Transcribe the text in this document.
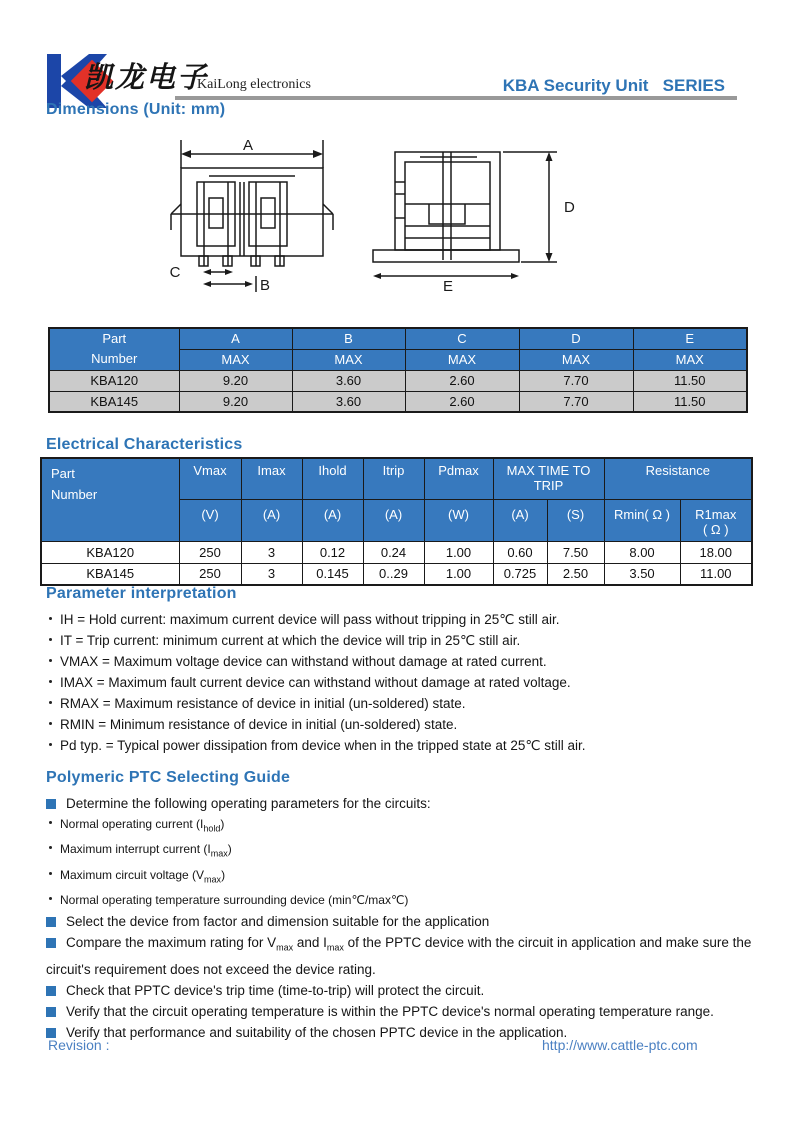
凯龙电子
KaiLong electronics	KBA Security Unit   SERIES
Dimensions (Unit: mm)
A
C
B
D
E
Part
Number	A	B	C	D	E
	MAX	MAX	MAX	MAX	MAX
KBA120	9.20	3.60	2.60	7.70	11.50
KBA145	9.20	3.60	2.60	7.70	11.50
Electrical Characteristics
Part
Number	Vmax	Imax	Ihold	Itrip	Pdmax	MAX TIME TO TRIP		Resistance	
	(V)	(A)	(A)	(A)	(W)	(A)	(S)	Rmin( Ω )	R1max
( Ω )

KBA120	250	3	0.12	0.24	1.00	0.60	7.50	8.00	18.00
KBA145	250	3	0.145	0..29	1.00	0.725	2.50	3.50	11.00
Parameter interpretation
IH = Hold current: maximum current device will pass without tripping in 25℃ still air.
IT = Trip current: minimum current at which the device will trip in 25℃ still air.
VMAX = Maximum voltage device can withstand without damage at rated current.
IMAX = Maximum fault current device can withstand without damage at rated voltage.
RMAX = Maximum resistance of device in initial (un-soldered) state.
RMIN = Minimum resistance of device in initial (un-soldered) state.
Pd typ. = Typical power dissipation from device when in the tripped state at 25℃ still air.
Polymeric PTC Selecting Guide
Determine the following operating parameters for the circuits:
Normal operating current $(I_{hold})$
Maximum interrupt current $(I_{max})$
Maximum circuit voltage $(V_{max})$
Normal operating temperature surrounding device (min℃/max℃)
Select the device from factor and dimension suitable for the application
Compare the maximum rating for $V_{max}$ and $I_{max}$ of the PPTC device with the circuit in application and make sure the circuit's requirement does not exceed the device rating.
Check that PPTC device's trip time (time-to-trip) will protect the circuit.
Verify that the circuit operating temperature is within the PPTC device's normal operating temperature range.
Verify that performance and suitability of the chosen PPTC device in the application.
Revision :	http://www.cattle-ptc.com
